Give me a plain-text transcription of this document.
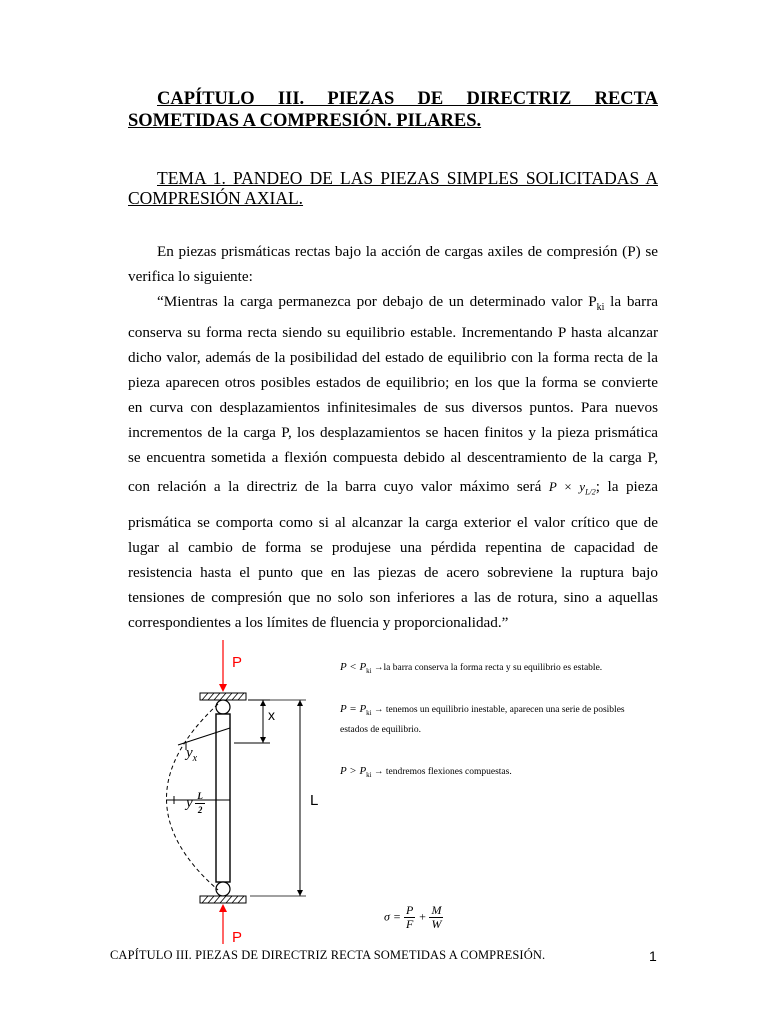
CAPÍTULO III. PIEZAS DE DIRECTRIZ RECTA SOMETIDAS A COMPRESIÓN. PILARES.
TEMA 1. PANDEO DE LAS PIEZAS SIMPLES SOLICITADAS A COMPRESIÓN AXIAL.
En piezas prismáticas rectas bajo la acción de cargas axiles de compresión (P) se
verifica lo siguiente:
“Mientras la carga permanezca por debajo de un determinado valor $P_{ki}$ la barra
conserva su forma recta siendo su equilibrio estable. Incrementando P hasta alcanzar
dicho valor, además de la posibilidad del estado de equilibrio con la forma recta de la
pieza aparecen otros posibles estados de equilibrio; en los que la forma se convierte
en curva con desplazamientos infinitesimales de sus diversos puntos. Para nuevos
incrementos de la carga P, los desplazamientos se hacen finitos y la pieza prismática
se encuentra sometida a flexión compuesta debido al descentramiento de la carga P,
con relación a la directriz de la barra cuyo valor máximo será $P \times y_{L/2}$; la pieza
prismática se comporta como si al alcanzar la carga exterior el valor crítico que de
lugar al cambio de forma se produjese una pérdida repentina de capacidad de
resistencia hasta el punto que en las piezas de acero sobreviene la ruptura bajo
tensiones de compresión que no solo son inferiores a las de rotura, sino a aquellas
correspondientes a los límites de fluencia y proporcionalidad.”
P
P
x
L
$y_x$
y $\frac{L}{2}$
$P < P_{ki} \to la$ barra conserva la forma recta y su equilibrio es estable.
$P = P_{ki}$ → tenemos un equilibrio inestable, aparecen una serie de posibles
estados de equilibrio.
$P > P_{ki}$ → tendremos flexiones compuestas.
$\sigma = \frac{P}{F} + \frac{M}{W}$
CAPÍTULO III. PIEZAS DE DIRECTRIZ RECTA SOMETIDAS A COMPRESIÓN.	1
